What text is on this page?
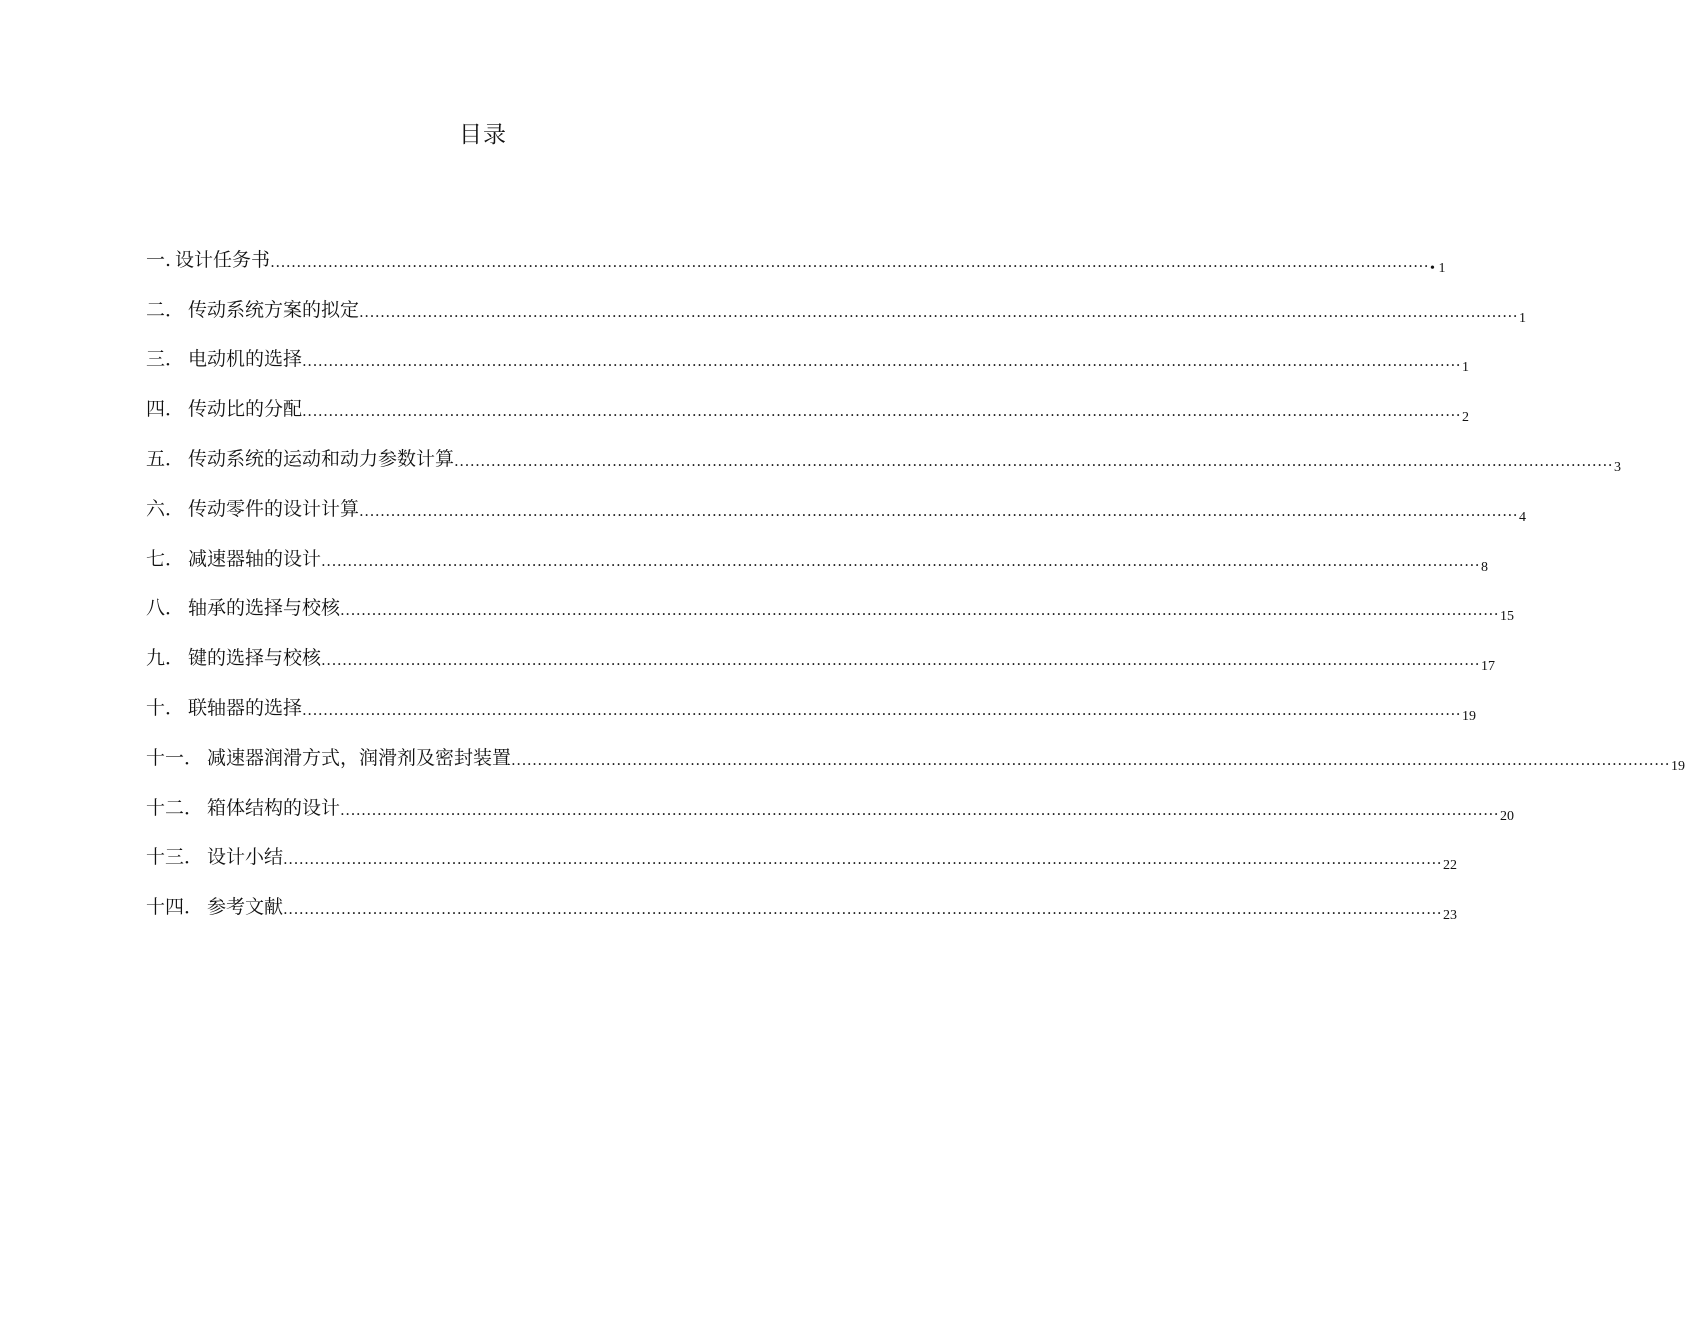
目录
一. 设计任务书 ............................................................................................................................................................................................................................ • 1
二． 传动系统方案的拟定 ............................................................................................................................................................................................................................ 1
三． 电动机的选择 ............................................................................................................................................................................................................................ 1
四． 传动比的分配 ............................................................................................................................................................................................................................ 2
五． 传动系统的运动和动力参数计算 ............................................................................................................................................................................................................................ 3
六． 传动零件的设计计算 ............................................................................................................................................................................................................................ 4
七． 减速器轴的设计 ............................................................................................................................................................................................................................ 8
八． 轴承的选择与校核 ............................................................................................................................................................................................................................ 15
九． 键的选择与校核 ............................................................................................................................................................................................................................ 17
十． 联轴器的选择 ............................................................................................................................................................................................................................ 19
十一． 减速器润滑方式，润滑剂及密封装置 ............................................................................................................................................................................................................................ 19
十二． 箱体结构的设计 ............................................................................................................................................................................................................................ 20
十三． 设计小结 ............................................................................................................................................................................................................................ 22
十四． 参考文献 ............................................................................................................................................................................................................................ 23
